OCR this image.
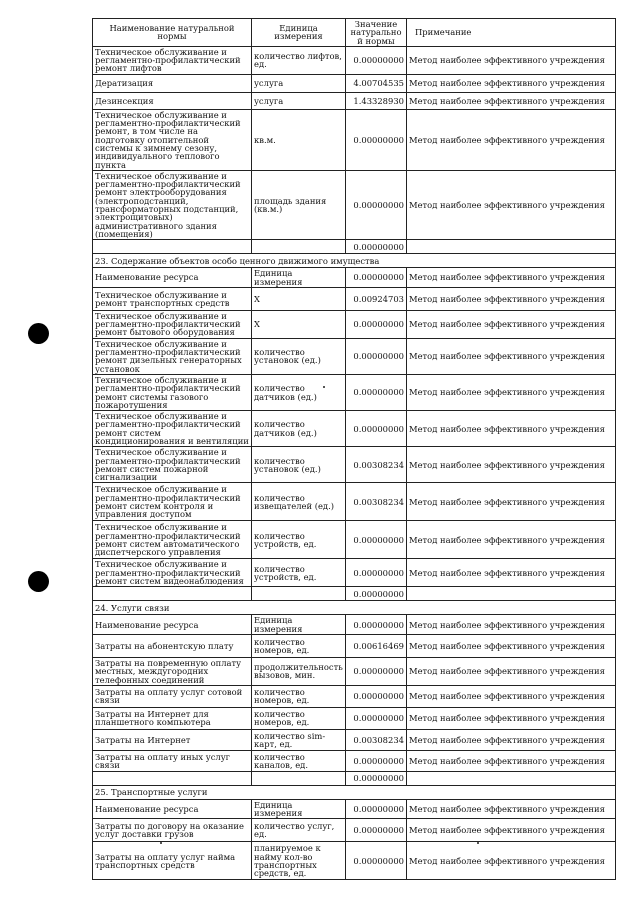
Наименование натуральной нормы	Единица измерения	Значение натуральной нормы	Примечание
Техническое обслуживание и регламентно-профилактический ремонт лифтов	количество лифтов, ед.	0.00000000	Метод наиболее эффективного учреждения
Дератизация	услуга	4.00704535	Метод наиболее эффективного учреждения
Дезинсекция	услуга	1.43328930	Метод наиболее эффективного учреждения
Техническое обслуживание и регламентно-профилактический ремонт, в том числе на подготовку отопительной системы к зимнему сезону, индивидуального теплового пункта	кв.м.	0.00000000	Метод наиболее эффективного учреждения
Техническое обслуживание и регламентно-профилактический ремонт электрооборудования (электроподстанций, трансформаторных подстанций, электрощитовых) административного здания (помещения)	площадь здания (кв.м.)	0.00000000	Метод наиболее эффективного учреждения
		0.00000000	
23. Содержание объектов особо ценного движимого имущества			
Наименование ресурса	Единица измерения	0.00000000	Метод наиболее эффективного учреждения
Техническое обслуживание и ремонт транспортных средств	Х	0.00924703	Метод наиболее эффективного учреждения
Техническое обслуживание и регламентно-профилактический ремонт бытового оборудования	Х	0.00000000	Метод наиболее эффективного учреждения
Техническое обслуживание и регламентно-профилактический ремонт дизельных генераторных установок	количество установок (ед.)	0.00000000	Метод наиболее эффективного учреждения
Техническое обслуживание и регламентно-профилактический ремонт системы газового пожаротушения	количество датчиков (ед.)	0.00000000	Метод наиболее эффективного учреждения
Техническое обслуживание и регламентно-профилактический ремонт систем кондиционирования и вентиляции	количество датчиков (ед.)	0.00000000	Метод наиболее эффективного учреждения
Техническое обслуживание и регламентно-профилактический ремонт систем пожарной сигнализации	количество установок (ед.)	0.00308234	Метод наиболее эффективного учреждения
Техническое обслуживание и регламентно-профилактический ремонт систем контроля и управления доступом	количество извещателей (ед.)	0.00308234	Метод наиболее эффективного учреждения
Техническое обслуживание и регламентно-профилактический ремонт систем автоматического диспетчерского управления	количество устройств, ед.	0.00000000	Метод наиболее эффективного учреждения
Техническое обслуживание и регламентно-профилактический ремонт систем видеонаблюдения	количество устройств, ед.	0.00000000	Метод наиболее эффективного учреждения
		0.00000000	
24. Услуги связи			
Наименование ресурса	Единица измерения	0.00000000	Метод наиболее эффективного учреждения
Затраты на абонентскую плату	количество номеров, ед.	0.00616469	Метод наиболее эффективного учреждения
Затраты на повременную оплату местных, междугородних телефонных соединений	продолжительность вызовов, мин.	0.00000000	Метод наиболее эффективного учреждения
Затраты на оплату услуг сотовой связи	количество номеров, ед.	0.00000000	Метод наиболее эффективного учреждения
Затраты на Интернет для планшетного компьютера	количество номеров, ед.	0.00000000	Метод наиболее эффективного учреждения
Затраты на Интернет	количество sim-карт, ед.	0.00308234	Метод наиболее эффективного учреждения
Затраты на оплату иных услуг связи	количество каналов, ед.	0.00000000	Метод наиболее эффективного учреждения
		0.00000000	
25. Транспортные услуги			
Наименование ресурса	Единица измерения	0.00000000	Метод наиболее эффективного учреждения
Затраты по договору на оказание услуг доставки грузов	количество услуг, ед.	0.00000000	Метод наиболее эффективного учреждения
Затраты на оплату услуг найма транспортных средств	планируемое к найму кол-во транспортных средств, ед.	0.00000000	Метод наиболее эффективного учреждения
